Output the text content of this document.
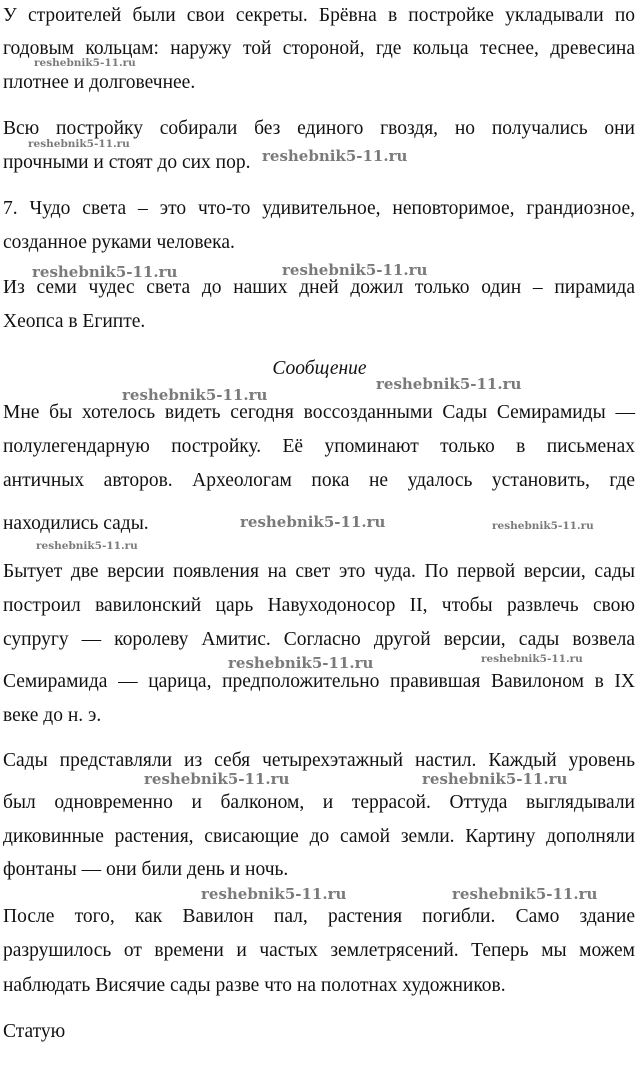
У строителей были свои секреты. Брёвна в постройке укладывали по
годовым кольцам: наружу той стороной, где кольца теснее, древесина
плотнее и долговечнее.
Всю постройку собирали без единого гвоздя, но получались они
прочными и стоят до сих пор.
7. Чудо света – это что-то удивительное, неповторимое, грандиозное,
созданное руками человека.
Из семи чудес света до наших дней дожил только один – пирамида
Хеопса в Египте.
Сообщение
Мне бы хотелось видеть сегодня воссозданными Сады Семирамиды —
полулегендарную постройку. Её упоминают только в письменах
античных авторов. Археологам пока не удалось установить, где
находились сады.
Бытует две версии появления на свет это чуда. По первой версии, сады
построил вавилонский царь Навуходоносор II, чтобы развлечь свою
супругу — королеву Амитис. Согласно другой версии, сады возвела
Семирамида — царица, предположительно правившая Вавилоном в IX
веке до н. э.
Сады представляли из себя четырехэтажный настил. Каждый уровень
был одновременно и балконом, и террасой. Оттуда выглядывали
диковинные растения, свисающие до самой земли. Картину дополняли
фонтаны — они били день и ночь.
После того, как Вавилон пал, растения погибли. Само здание
разрушилось от времени и частых землетрясений. Теперь мы можем
наблюдать Висячие сады разве что на полотнах художников.
Статую
reshebnik5-11.ru
reshebnik5-11.ru
reshebnik5-11.ru
reshebnik5-11.ru	reshebnik5-11.ru
reshebnik5-11.ru
reshebnik5-11.ru
reshebnik5-11.ru	reshebnik5-11.ru
reshebnik5-11.ru
reshebnik5-11.ru	reshebnik5-11.ru
reshebnik5-11.ru	reshebnik5-11.ru
reshebnik5-11.ru	reshebnik5-11.ru
